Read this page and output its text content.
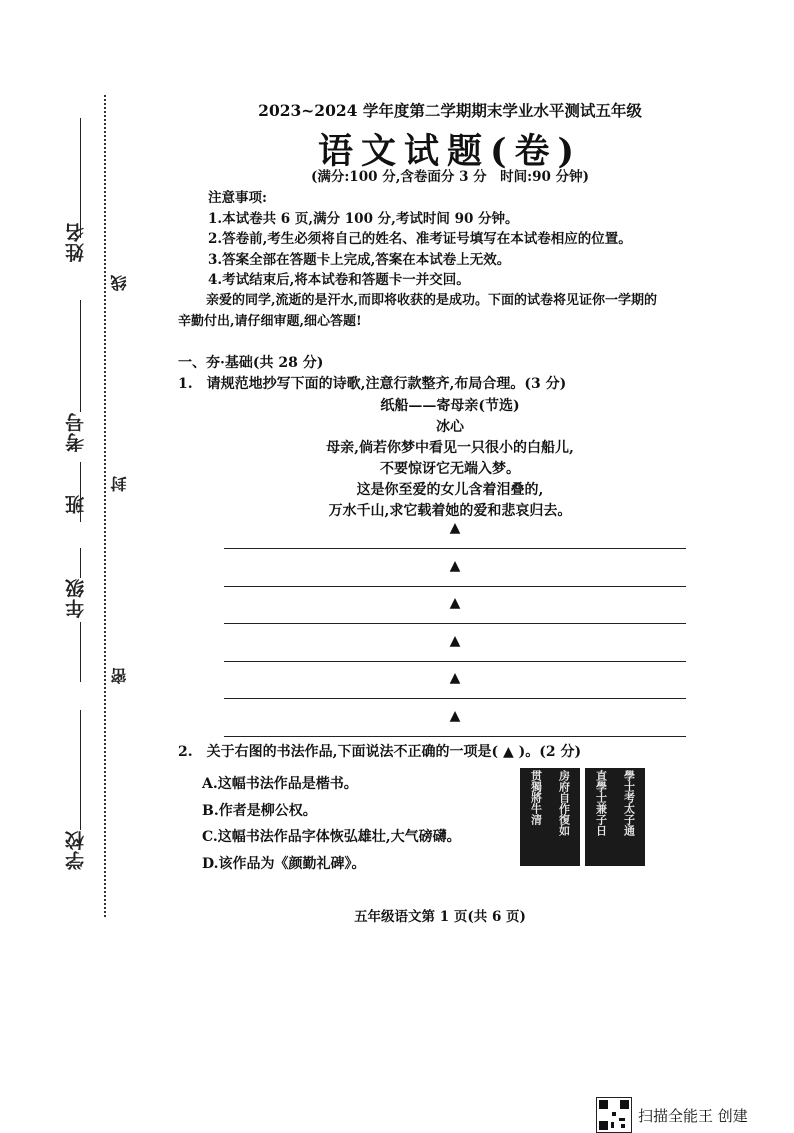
姓名
考号
班
年级
学校
线
封
密
2023~2024 学年度第二学期期末学业水平测试五年级
语文试题(卷)
(满分:100 分,含卷面分 3 分　时间:90 分钟)
注意事项:
1.本试卷共 6 页,满分 100 分,考试时间 90 分钟。
2.答卷前,考生必须将自己的姓名、准考证号填写在本试卷相应的位置。
3.答案全部在答题卡上完成,答案在本试卷上无效。
4.考试结束后,将本试卷和答题卡一并交回。
亲爱的同学,流逝的是汗水,而即将收获的是成功。下面的试卷将见证你一学期的
辛勤付出,请仔细审题,细心答题!
一、夯·基础(共 28 分)
1.　请规范地抄写下面的诗歌,注意行款整齐,布局合理。(3 分)
纸船——寄母亲(节选)
冰心
母亲,倘若你梦中看见一只很小的白船儿,
不要惊讶它无端入梦。
这是你至爱的女儿含着泪叠的,
万水千山,求它载着她的爱和悲哀归去。
▲
▲
▲
▲
▲
▲
2.　关于右图的书法作品,下面说法不正确的一项是( ▲ )。(2 分)
A.这幅书法作品是楷书。
B.作者是柳公权。
C.这幅书法作品字体恢弘雄壮,大气磅礴。
D.该作品为《颜勤礼碑》。
房府自作復如
贯獨將牛清
學士考太子通
直學士兼子日
五年级语文第 1 页(共 6 页)
扫描全能王 创建
